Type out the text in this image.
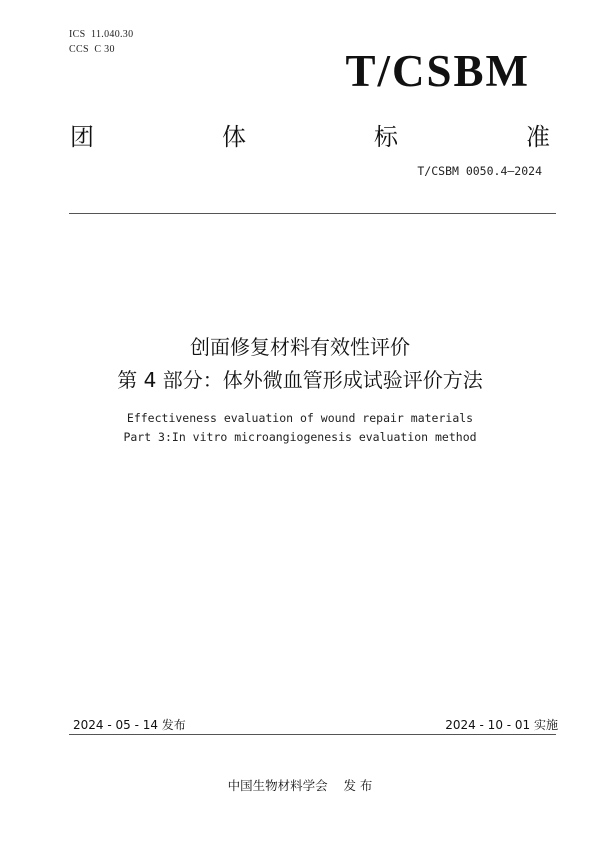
ICS  11.040.30
CCS  C 30	T/CSBM
团	体	标	准
T/CSBM 0050.4—2024
创面修复材料有效性评价
第 4 部分：体外微血管形成试验评价方法
Effectiveness evaluation of wound repair materials
Part 3:In vitro microangiogenesis evaluation method
2024 - 05 - 14 发布	2024 - 10 - 01 实施
中国生物材料学会    发 布
